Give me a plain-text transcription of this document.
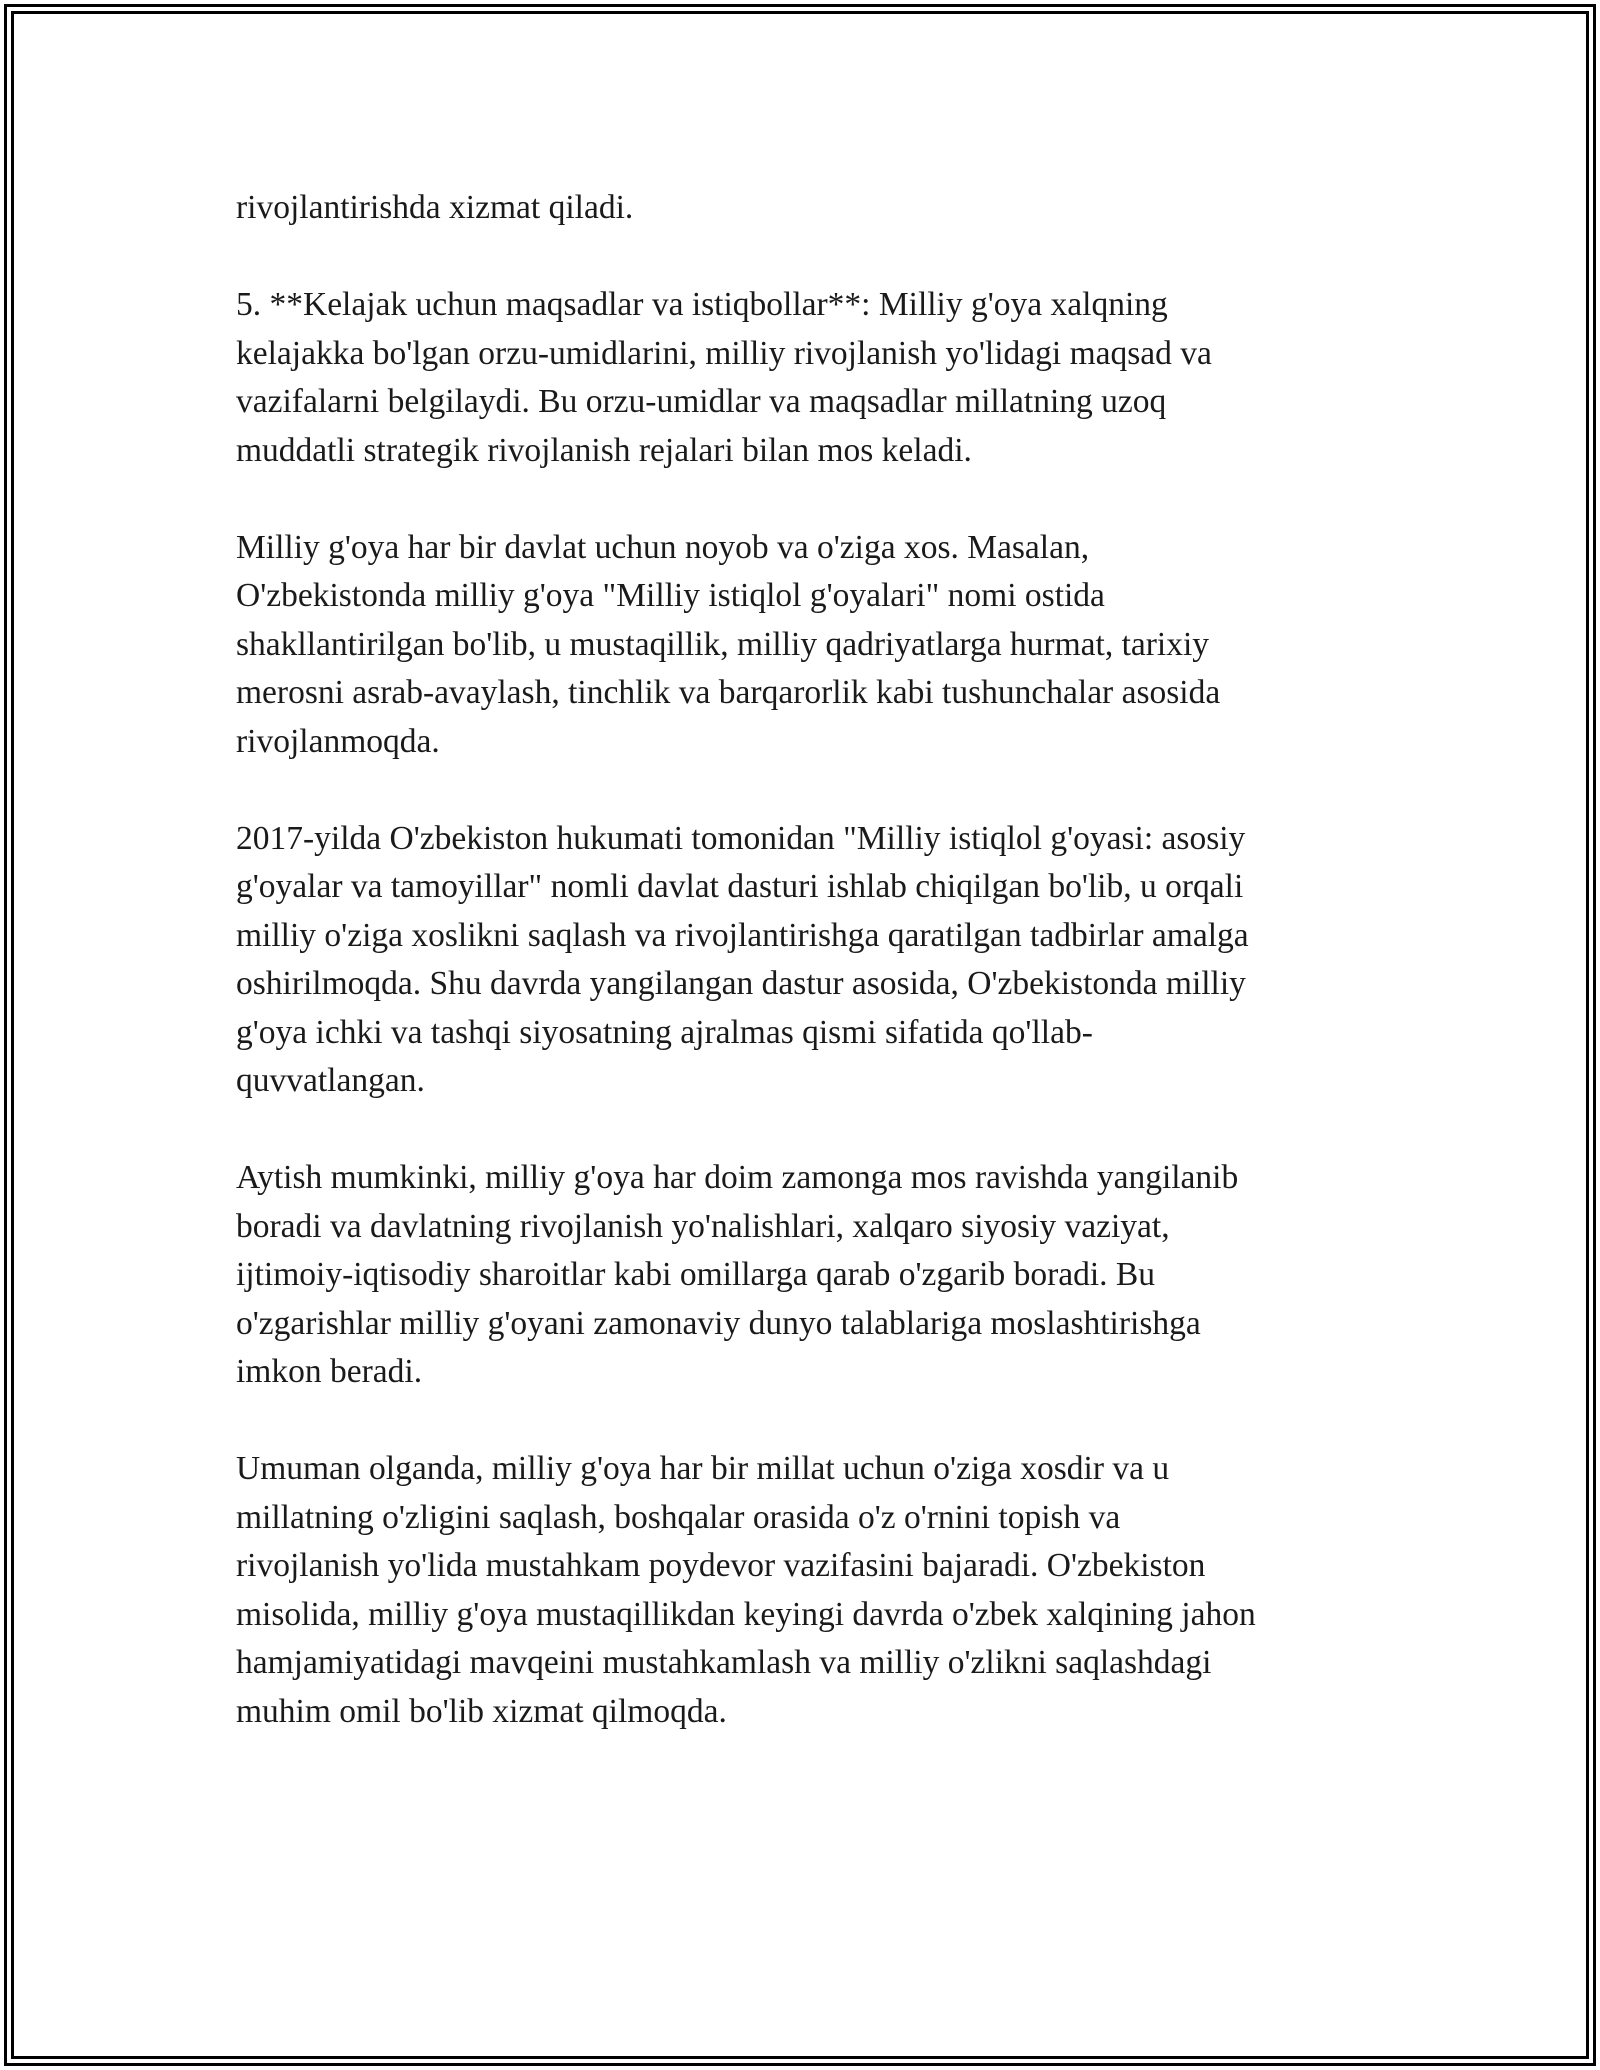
rivojlantirishda xizmat qiladi.

5. **Kelajak uchun maqsadlar va istiqbollar**: Milliy g'oya xalqning
kelajakka bo'lgan orzu-umidlarini, milliy rivojlanish yo'lidagi maqsad va
vazifalarni belgilaydi. Bu orzu-umidlar va maqsadlar millatning uzoq
muddatli strategik rivojlanish rejalari bilan mos keladi.

Milliy g'oya har bir davlat uchun noyob va o'ziga xos. Masalan,
O'zbekistonda milliy g'oya "Milliy istiqlol g'oyalari" nomi ostida
shakllantirilgan bo'lib, u mustaqillik, milliy qadriyatlarga hurmat, tarixiy
merosni asrab-avaylash, tinchlik va barqarorlik kabi tushunchalar asosida
rivojlanmoqda.

2017-yilda O'zbekiston hukumati tomonidan "Milliy istiqlol g'oyasi: asosiy
g'oyalar va tamoyillar" nomli davlat dasturi ishlab chiqilgan bo'lib, u orqali
milliy o'ziga xoslikni saqlash va rivojlantirishga qaratilgan tadbirlar amalga
oshirilmoqda. Shu davrda yangilangan dastur asosida, O'zbekistonda milliy
g'oya ichki va tashqi siyosatning ajralmas qismi sifatida qo'llab-
quvvatlangan.

Aytish mumkinki, milliy g'oya har doim zamonga mos ravishda yangilanib
boradi va davlatning rivojlanish yo'nalishlari, xalqaro siyosiy vaziyat,
ijtimoiy-iqtisodiy sharoitlar kabi omillarga qarab o'zgarib boradi. Bu
o'zgarishlar milliy g'oyani zamonaviy dunyo talablariga moslashtirishga
imkon beradi.

Umuman olganda, milliy g'oya har bir millat uchun o'ziga xosdir va u
millatning o'zligini saqlash, boshqalar orasida o'z o'rnini topish va
rivojlanish yo'lida mustahkam poydevor vazifasini bajaradi. O'zbekiston
misolida, milliy g'oya mustaqillikdan keyingi davrda o'zbek xalqining jahon
hamjamiyatidagi mavqeini mustahkamlash va milliy o'zlikni saqlashdagi
muhim omil bo'lib xizmat qilmoqda.
